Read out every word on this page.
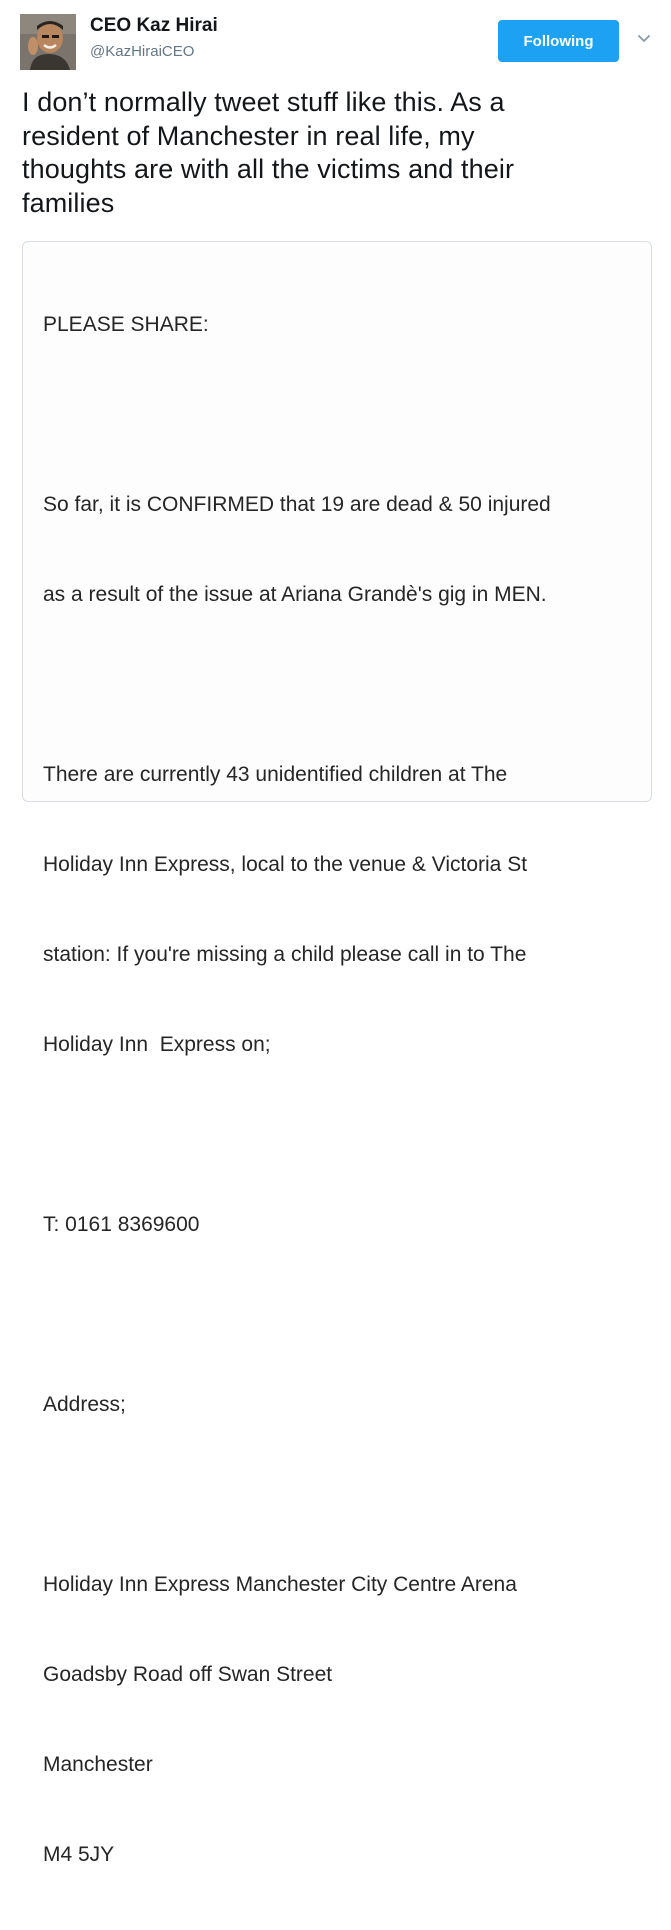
CEO Kaz Hirai
@KazHiraiCEO
Following
I don’t normally tweet stuff like this. As a
resident of Manchester in real life, my
thoughts are with all the victims and their
families

PLEASE SHARE:

So far, it is CONFIRMED that 19 are dead & 50 injured

as a result of the issue at Ariana Grandè's gig in MEN.

There are currently 43 unidentified children at The

Holiday Inn Express, local to the venue & Victoria St

station: If you're missing a child please call in to The

Holiday Inn  Express on;

T: 0161 8369600

Address;

Holiday Inn Express Manchester City Centre Arena

Goadsby Road off Swan Street

Manchester

M4 5JY
